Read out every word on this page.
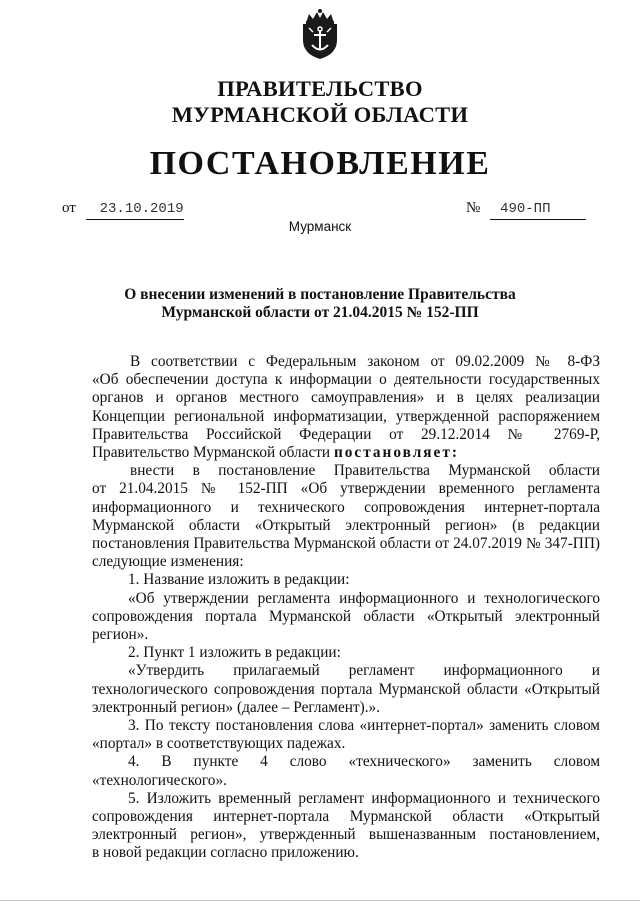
ПРАВИТЕЛЬСТВО
МУРМАНСКОЙ ОБЛАСТИ
ПОСТАНОВЛЕНИЕ
от 23.10.2019	№ 490-ПП
Мурманск
О внесении изменений в постановление Правительства
Мурманской области от 21.04.2015 № 152-ПП

В соответствии с Федеральным законом от 09.02.2009 № 8-ФЗ

«Об обеспечении доступа к информации о деятельности государственных

органов и органов местного самоуправления» и в целях реализации

Концепции региональной информатизации, утвержденной распоряжением

Правительства Российской Федерации от 29.12.2014 № 2769-Р,

Правительство Мурманской области постановляет:

внести в постановление Правительства Мурманской области

от 21.04.2015 № 152-ПП «Об утверждении временного регламента

информационного и технического сопровождения интернет-портала

Мурманской области «Открытый электронный регион» (в редакции

постановления Правительства Мурманской области от 24.07.2019 № 347-ПП)

следующие изменения:

1. Название изложить в редакции:

«Об утверждении регламента информационного и технологического

сопровождения портала Мурманской области «Открытый электронный

регион».

2. Пункт 1 изложить в редакции:

«Утвердить прилагаемый регламент информационного и

технологического сопровождения портала Мурманской области «Открытый

электронный регион» (далее – Регламент).».

3. По тексту постановления слова «интернет-портал» заменить словом

«портал» в соответствующих падежах.

4. В пункте 4 слово «технического» заменить словом

«технологического».

5. Изложить временный регламент информационного и технического

сопровождения интернет-портала Мурманской области «Открытый

электронный регион», утвержденный вышеназванным постановлением,

в новой редакции согласно приложению.
